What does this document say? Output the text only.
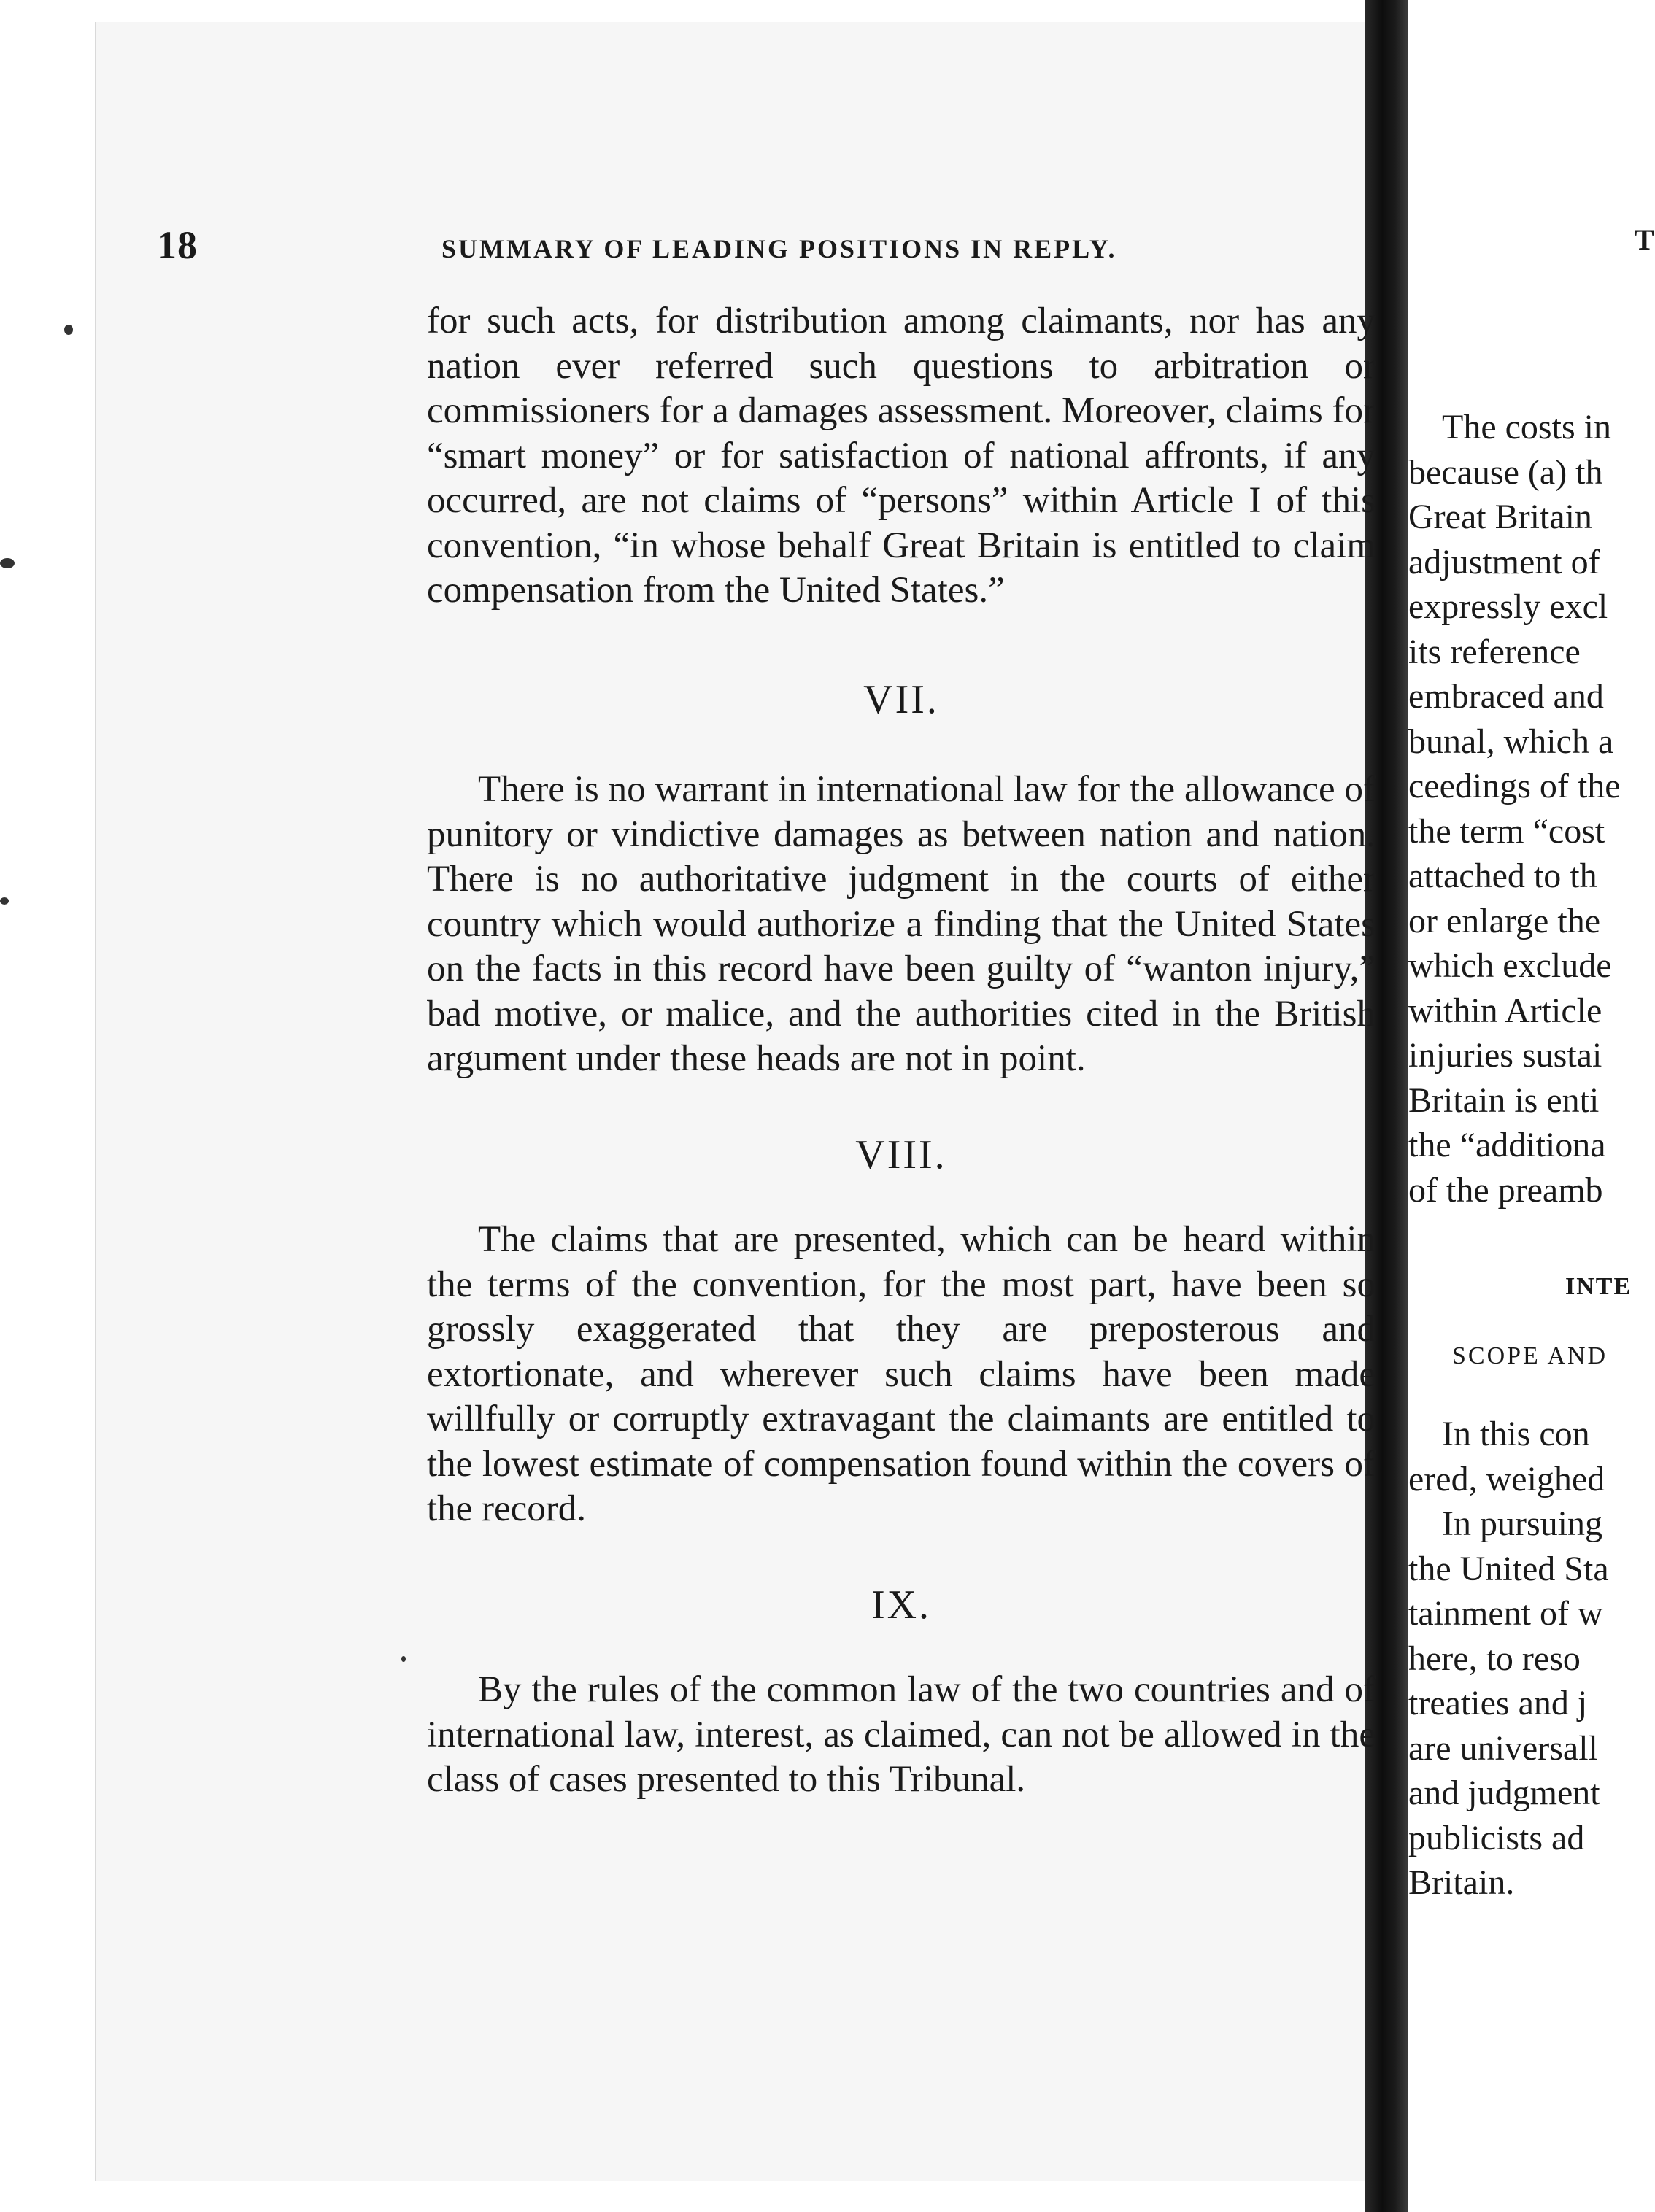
T
The costs in
because (a) th
Great Britain
adjustment of
expressly excl
its reference
embraced and
bunal, which a
ceedings of the
the term “cost
attached to th
or enlarge the
which exclude
within Article
injuries sustai
Britain is enti
the “additiona
of the preamb
INTE
SCOPE AND
In this con
ered, weighed
In pursuing
the United Sta
tainment of w
here, to reso
treaties and j
are universall
and judgment
publicists ad
Britain.
18	SUMMARY OF LEADING POSITIONS IN REPLY.

for such acts, for distribution among claimants, nor has any nation ever referred such questions to arbitration or commissioners for a damages assessment. Moreover, claims for “smart money” or for satisfaction of national affronts, if any occurred, are not claims of “persons” within Article I of this convention, “in whose behalf Great Britain is entitled to claim compensation from the United States.”

VII.

There is no warrant in international law for the allowance of punitory or vindictive damages as between nation and nation. There is no authoritative judgment in the courts of either country which would authorize a finding that the United States on the facts in this record have been guilty of “wanton injury,” bad motive, or malice, and the authorities cited in the British argument under these heads are not in point.

VIII.

The claims that are presented, which can be heard within the terms of the convention, for the most part, have been so grossly exaggerated that they are preposterous and extortionate, and wherever such claims have been made willfully or corruptly extravagant the claimants are entitled to the lowest estimate of compensation found within the covers of the record.

IX.

By the rules of the common law of the two countries and of international law, interest, as claimed, can not be allowed in the class of cases presented to this Tribunal.
